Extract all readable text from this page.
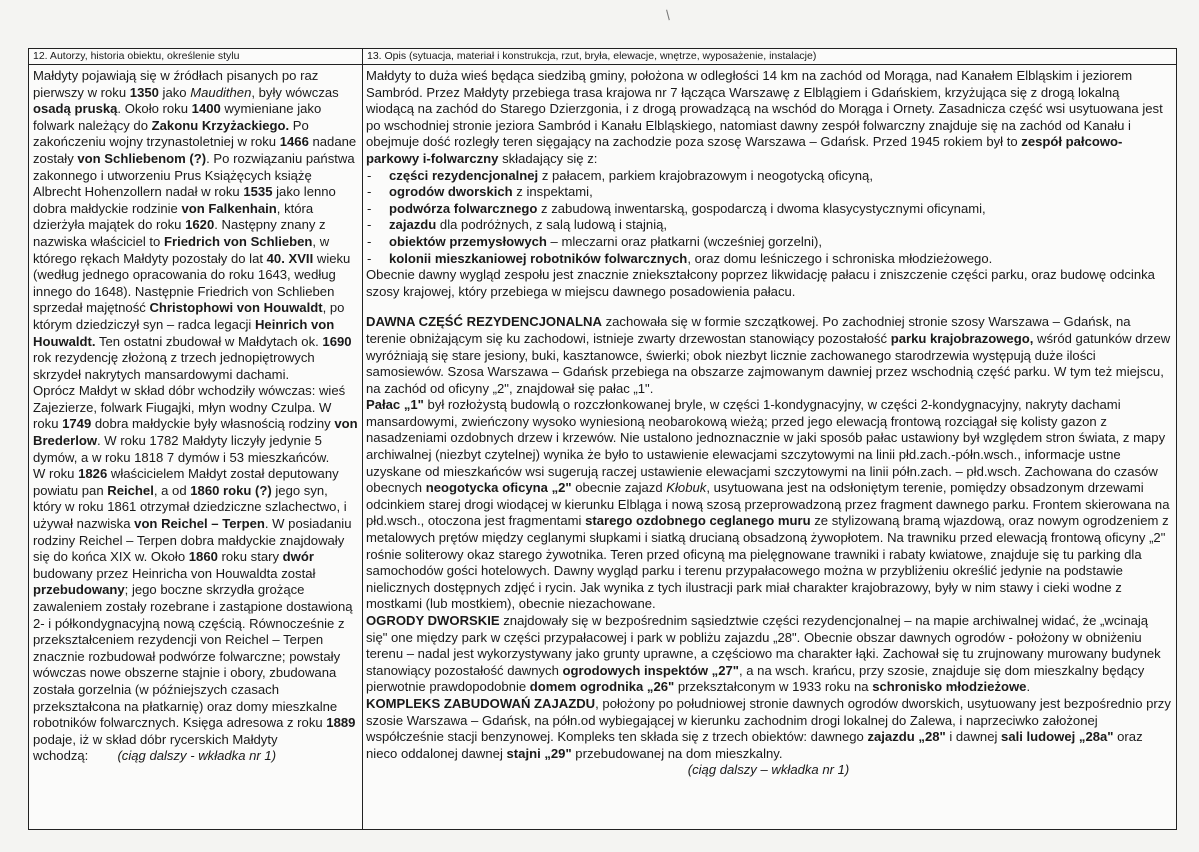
/
12. Autorzy, historia obiektu, określenie stylu

Małdyty pojawiają się w źródłach pisanych po raz pierwszy w roku 1350 jako Maudithen, były wówczas osadą pruską. Około roku 1400 wymieniane jako folwark należący do Zakonu Krzyżackiego. Po zakończeniu wojny trzynastoletniej w roku 1466 nadane zostały von Schliebenom (?). Po rozwiązaniu państwa zakonnego i utworzeniu Prus Książęcych książę Albrecht Hohenzollern nadał w roku 1535 jako lenno dobra małdyckie rodzinie von Falkenhain, która dzierżyła majątek do roku 1620. Następny znany z nazwiska właściciel to Friedrich von Schlieben, w którego rękach Małdyty pozostały do lat 40. XVII wieku (według jednego opracowania do roku 1643, według innego do 1648). Następnie Friedrich von Schlieben sprzedał majętność Christophowi von Houwaldt, po którym dziedziczył syn – radca legacji Heinrich von Houwaldt. Ten ostatni zbudował w Małdytach ok. 1690 rok rezydencję złożoną z trzech jednopiętrowych skrzydeł nakrytych mansardowymi dachami.

Oprócz Małdyt w skład dóbr wchodziły wówczas: wieś Zajezierze, folwark Fiugajki, młyn wodny Czulpa. W roku 1749 dobra małdyckie były własnością rodziny von Brederlow. W roku 1782 Małdyty liczyły jedynie 5 dymów, a w roku 1818 7 dymów i 53 mieszkańców.

W roku 1826 właścicielem Małdyt został deputowany powiatu pan Reichel, a od 1860 roku (?) jego syn, który w roku 1861 otrzymał dziedziczne szlachectwo, i używał nazwiska von Reichel – Terpen. W posiadaniu rodziny Reichel – Terpen dobra małdyckie znajdowały się do końca XIX w. Około 1860 roku stary dwór budowany przez Heinricha von Houwaldta został przebudowany; jego boczne skrzydła grożące zawaleniem zostały rozebrane i zastąpione dostawioną 2- i półkondygnacyjną nową częścią. Równocześnie z przekształceniem rezydencji von Reichel – Terpen znacznie rozbudował podwórze folwarczne; powstały wówczas nowe obszerne stajnie i obory, zbudowana została gorzelnia (w późniejszych czasach przekształcona na płatkarnię) oraz domy mieszkalne robotników folwarcznych. Księga adresowa z roku 1889 podaje, iż w skład dóbr rycerskich Małdyty wchodzą: (ciąg dalszy - wkładka nr 1)

13. Opis (sytuacja, materiał i konstrukcja, rzut, bryła, elewacje, wnętrze, wyposażenie, instalacje)

Małdyty to duża wieś będąca siedzibą gminy, położona w odległości 14 km na zachód od Morąga, nad Kanałem Elbląskim i jeziorem Sambród. Przez Małdyty przebiega trasa krajowa nr 7 łącząca Warszawę z Elblągiem i Gdańskiem, krzyżująca się z drogą lokalną wiodącą na zachód do Starego Dzierzgonia, i z drogą prowadzącą na wschód do Morąga i Ornety. Zasadnicza część wsi usytuowana jest po wschodniej stronie jeziora Sambród i Kanału Elbląskiego, natomiast dawny zespół folwarczny znajduje się na zachód od Kanału i obejmuje dość rozległy teren sięgający na zachodzie poza szosę Warszawa – Gdańsk. Przed 1945 rokiem był to zespół pałcowo-parkowy i-folwarczny składający się z:

- części rezydencjonalnej z pałacem, parkiem krajobrazowym i neogotycką oficyną,
- ogrodów dworskich z inspektami,
- podwórza folwarcznego z zabudową inwentarską, gospodarczą i dwoma klasycystycznymi oficynami,
- zajazdu dla podróżnych, z salą ludową i stajnią,
- obiektów przemysłowych – mleczarni oraz płatkarni (wcześniej gorzelni),
- kolonii mieszkaniowej robotników folwarcznych, oraz domu leśniczego i schroniska młodzieżowego.

Obecnie dawny wygląd zespołu jest znacznie zniekształcony poprzez likwidację pałacu i zniszczenie części parku, oraz budowę odcinka szosy krajowej, który przebiega w miejscu dawnego posadowienia pałacu.

DAWNA CZĘŚĆ REZYDENCJONALNA zachowała się w formie szczątkowej. Po zachodniej stronie szosy Warszawa – Gdańsk, na terenie obniżającym się ku zachodowi, istnieje zwarty drzewostan stanowiący pozostałość parku krajobrazowego, wśród gatunków drzew wyróżniają się stare jesiony, buki, kasztanowce, świerki; obok niezbyt licznie zachowanego starodrzewia występują duże ilości samosiewów. Szosa Warszawa – Gdańsk przebiega na obszarze zajmowanym dawniej przez wschodnią część parku. W tym też miejscu, na zachód od oficyny „2", znajdował się pałac „1".

Pałac „1" był rozłożystą budowlą o rozczłonkowanej bryle, w części 1-kondygnacyjny, w części 2-kondygnacyjny, nakryty dachami mansardowymi, zwieńczony wysoko wyniesioną neobarokową wieżą; przed jego elewacją frontową rozciągał się kolisty gazon z nasadzeniami ozdobnych drzew i krzewów. Nie ustalono jednoznacznie w jaki sposób pałac ustawiony był względem stron świata, z mapy archiwalnej (niezbyt czytelnej) wynika że było to ustawienie elewacjami szczytowymi na linii płd.zach.-półn.wsch., informacje ustne uzyskane od mieszkańców wsi sugerują raczej ustawienie elewacjami szczytowymi na linii półn.zach. – płd.wsch. Zachowana do czasów obecnych neogotycka oficyna „2" obecnie zajazd Kłobuk, usytuowana jest na odsłoniętym terenie, pomiędzy obsadzonym drzewami odcinkiem starej drogi wiodącej w kierunku Elbląga i nową szosą przeprowadzoną przez fragment dawnego parku. Frontem skierowana na płd.wsch., otoczona jest fragmentami starego ozdobnego ceglanego muru ze stylizowaną bramą wjazdową, oraz nowym ogrodzeniem z metalowych prętów między ceglanymi słupkami i siatką drucianą obsadzoną żywopłotem. Na trawniku przed elewacją frontową oficyny „2" rośnie soliterowy okaz starego żywotnika. Teren przed oficyną ma pielęgnowane trawniki i rabaty kwiatowe, znajduje się tu parking dla samochodów gości hotelowych. Dawny wygląd parku i terenu przypałacowego można w przybliżeniu określić jedynie na podstawie nielicznych dostępnych zdjęć i rycin. Jak wynika z tych ilustracji park miał charakter krajobrazowy, były w nim stawy i cieki wodne z mostkami (lub mostkiem), obecnie niezachowane.

OGRODY DWORSKIE znajdowały się w bezpośrednim sąsiedztwie części rezydencjonalnej – na mapie archiwalnej widać, że „wcinają się" one między park w części przypałacowej i park w pobliżu zajazdu „28". Obecnie obszar dawnych ogrodów - położony w obniżeniu terenu – nadal jest wykorzystywany jako grunty uprawne, a częściowo ma charakter łąki. Zachował się tu zrujnowany murowany budynek stanowiący pozostałość dawnych ogrodowych inspektów „27", a na wsch. krańcu, przy szosie, znajduje się dom mieszkalny będący pierwotnie prawdopodobnie domem ogrodnika „26" przekształconym w 1933 roku na schronisko młodzieżowe.

KOMPLEKS ZABUDOWAŃ ZAJAZDU, położony po południowej stronie dawnych ogrodów dworskich, usytuowany jest bezpośrednio przy szosie Warszawa – Gdańsk, na półn.od wybiegającej w kierunku zachodnim drogi lokalnej do Zalewa, i naprzeciwko założonej współcześnie stacji benzynowej. Kompleks ten składa się z trzech obiektów: dawnego zajazdu „28" i dawnej sali ludowej „28a" oraz nieco oddalonej dawnej stajni „29" przebudowanej na dom mieszkalny.

(ciąg dalszy – wkładka nr 1)
